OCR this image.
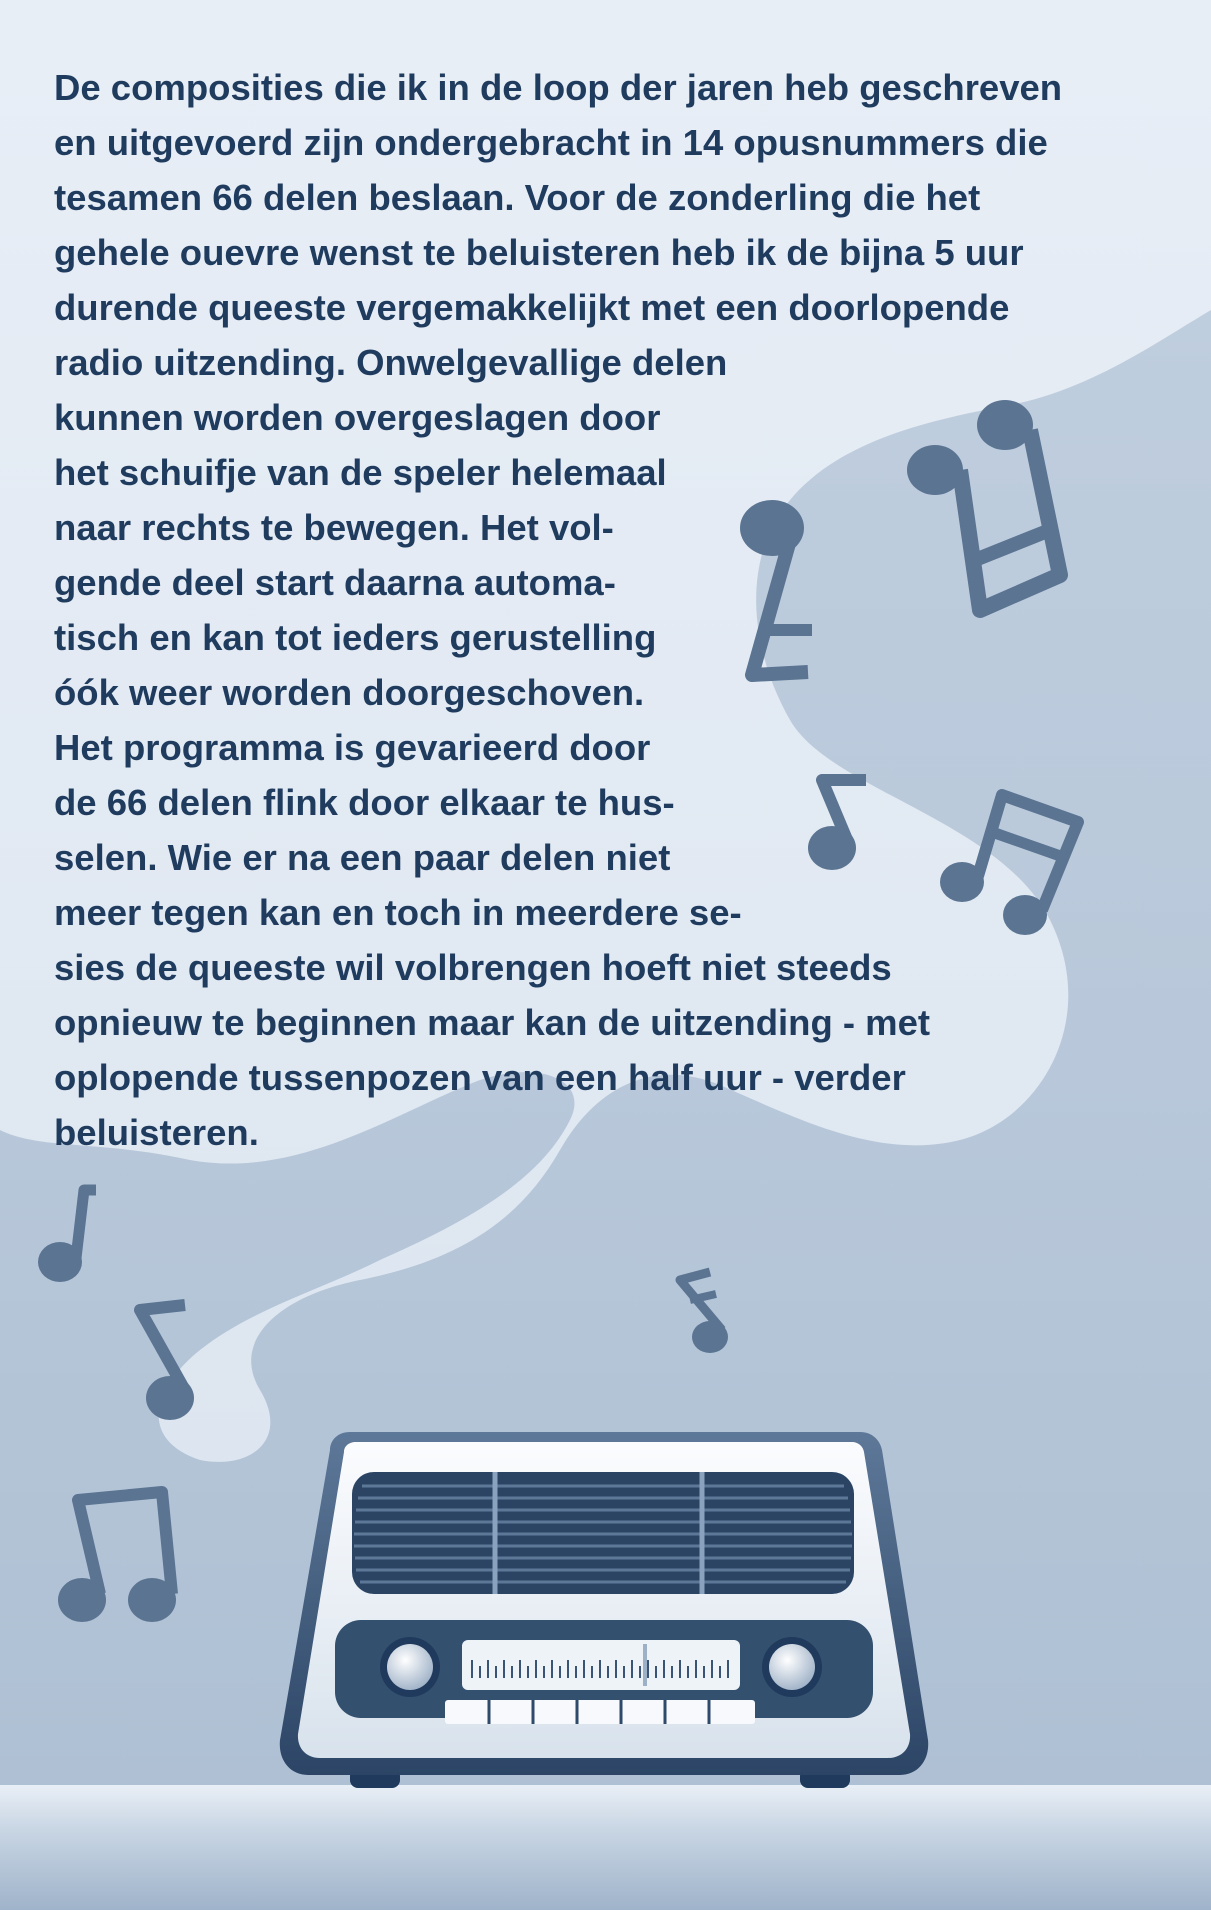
De composities die ik in de loop der jaren heb geschreven
en uitgevoerd zijn ondergebracht in 14 opusnummers die
tesamen 66 delen beslaan. Voor de zonderling die het
gehele ouevre wenst te beluisteren heb ik de bijna 5 uur
durende queeste vergemakkelijkt met een doorlopende
radio uitzending. Onwelgevallige delen
kunnen worden overgeslagen door
het schuifje van de speler helemaal
naar rechts te bewegen. Het vol-
gende deel start daarna automa-
tisch en kan tot ieders gerustelling
óók weer worden doorgeschoven.
Het programma is gevarieerd door
de 66 delen flink door elkaar te hus-
selen. Wie er na een paar delen niet
meer tegen kan en toch in meerdere se-
sies de queeste wil volbrengen hoeft niet steeds
opnieuw te beginnen maar kan de uitzending - met
oplopende tussenpozen van een half uur - verder
beluisteren.
